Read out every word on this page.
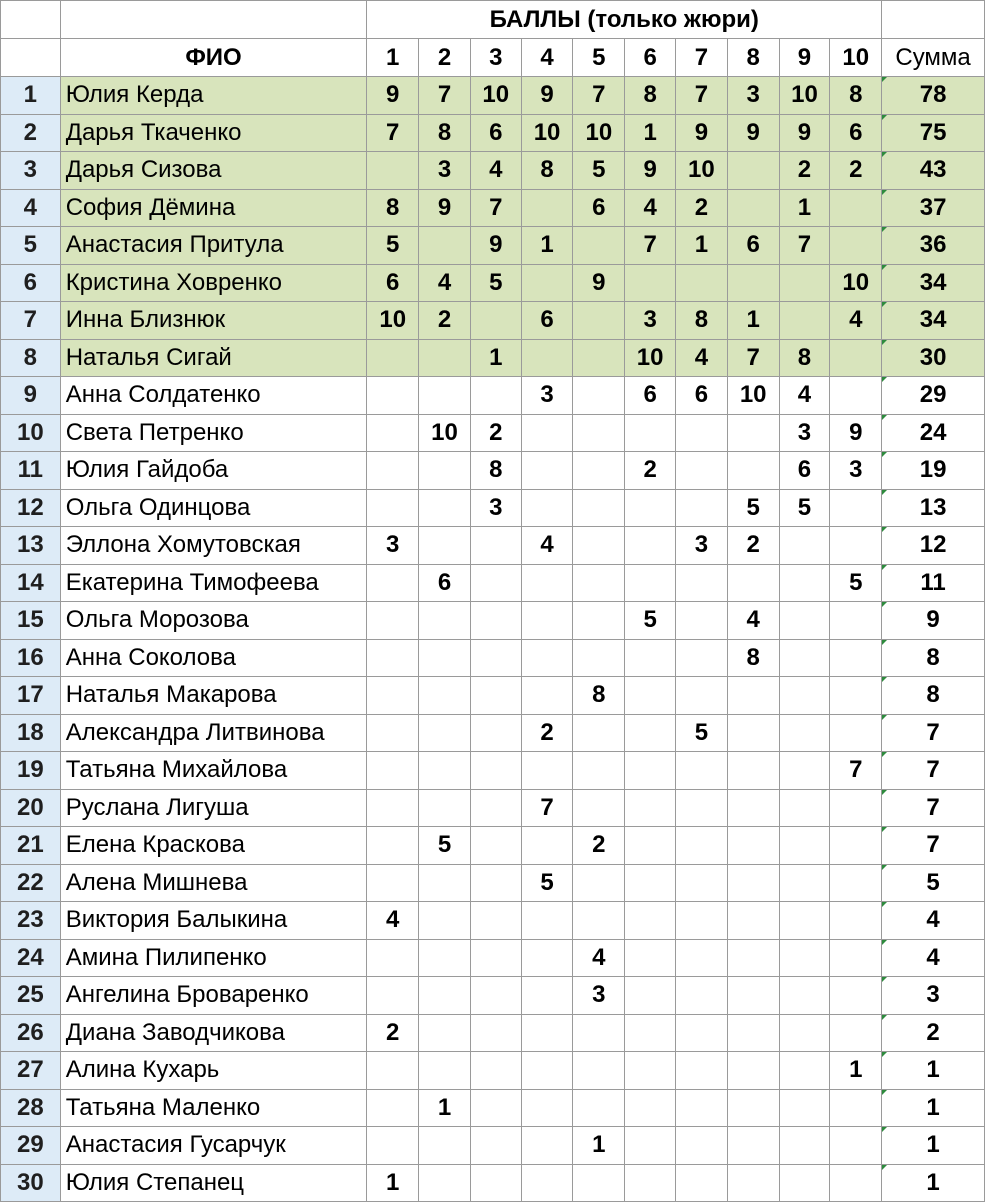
		БАЛЛЫ (только жюри)										
	ФИО	1	2	3	4	5	6	7	8	9	10	Сумма
1	Юлия Керда	9	7	10	9	7	8	7	3	10	8	78
2	Дарья Ткаченко	7	8	6	10	10	1	9	9	9	6	75
3	Дарья Сизова		3	4	8	5	9	10		2	2	43
4	София Дёмина	8	9	7		6	4	2		1		37
5	Анастасия Притула	5		9	1		7	1	6	7		36
6	Кристина Ховренко	6	4	5		9					10	34
7	Инна Близнюк	10	2		6		3	8	1		4	34
8	Наталья Сигай			1			10	4	7	8		30
9	Анна Солдатенко				3		6	6	10	4		29
10	Света Петренко		10	2						3	9	24
11	Юлия Гайдоба			8			2			6	3	19
12	Ольга Одинцова			3					5	5		13
13	Эллона Хомутовская	3			4			3	2			12
14	Екатерина Тимофеева		6								5	11
15	Ольга Морозова						5		4			9
16	Анна Соколова								8			8
17	Наталья Макарова					8						8
18	Александра Литвинова				2			5				7
19	Татьяна Михайлова										7	7
20	Руслана Лигуша				7							7
21	Елена Краскова		5			2						7
22	Алена Мишнева				5							5
23	Виктория Балыкина	4										4
24	Амина Пилипенко					4						4
25	Ангелина Броваренко					3						3
26	Диана Заводчикова	2										2
27	Алина Кухарь										1	1
28	Татьяна Маленко		1									1
29	Анастасия Гусарчук					1						1
30	Юлия Степанец	1										1
